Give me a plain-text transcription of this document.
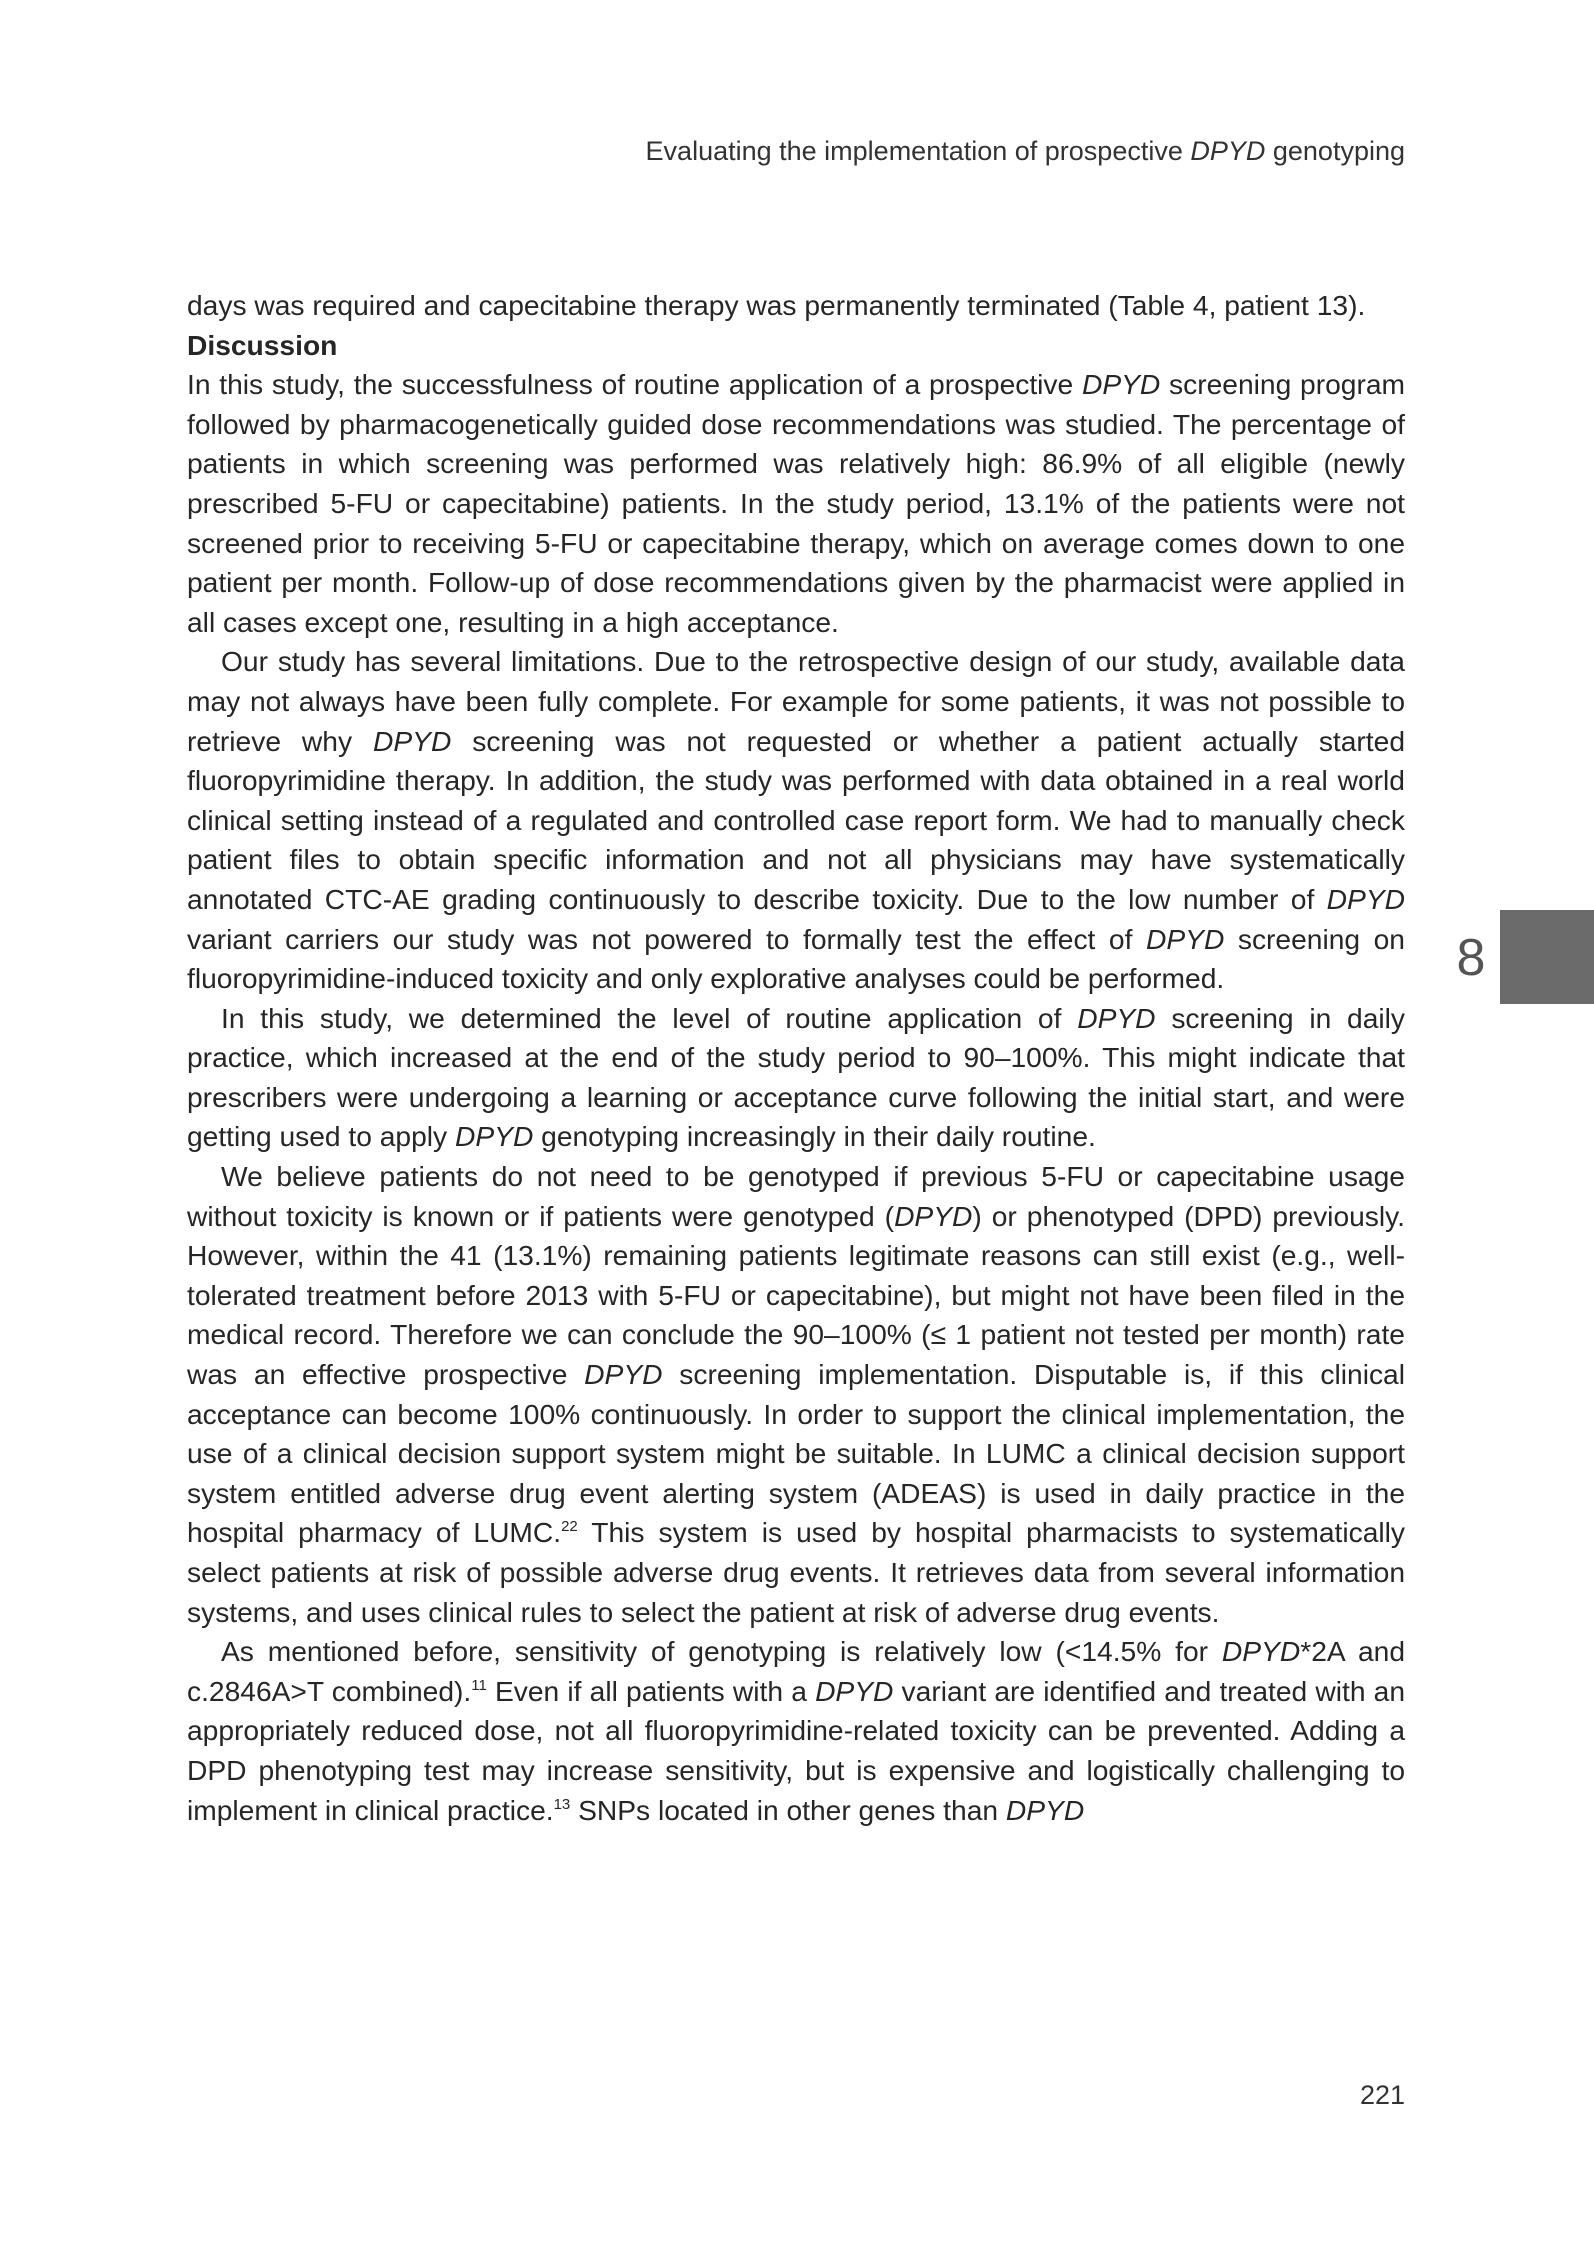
Evaluating the implementation of prospective DPYD genotyping
8

days was required and capecitabine therapy was permanently terminated (Table 4, patient 13).

Discussion

In this study, the successfulness of routine application of a prospective DPYD screening program followed by pharmacogenetically guided dose recommendations was studied. The percentage of patients in which screening was performed was relatively high: 86.9% of all eligible (newly prescribed 5-FU or capecitabine) patients. In the study period, 13.1% of the patients were not screened prior to receiving 5-FU or capecitabine therapy, which on average comes down to one patient per month. Follow-up of dose recommendations given by the pharmacist were applied in all cases except one, resulting in a high acceptance.

Our study has several limitations. Due to the retrospective design of our study, available data may not always have been fully complete. For example for some patients, it was not possible to retrieve why DPYD screening was not requested or whether a patient actually started fluoropyrimidine therapy. In addition, the study was performed with data obtained in a real world clinical setting instead of a regulated and controlled case report form. We had to manually check patient files to obtain specific information and not all physicians may have systematically annotated CTC-AE grading continuously to describe toxicity. Due to the low number of DPYD variant carriers our study was not powered to formally test the effect of DPYD screening on fluoropyrimidine-induced toxicity and only explorative analyses could be performed.

In this study, we determined the level of routine application of DPYD screening in daily practice, which increased at the end of the study period to 90–100%. This might indicate that prescribers were undergoing a learning or acceptance curve following the initial start, and were getting used to apply DPYD genotyping increasingly in their daily routine.

We believe patients do not need to be genotyped if previous 5-FU or capecitabine usage without toxicity is known or if patients were genotyped (DPYD) or phenotyped (DPD) previously. However, within the 41 (13.1%) remaining patients legitimate reasons can still exist (e.g., well-tolerated treatment before 2013 with 5-FU or capecitabine), but might not have been filed in the medical record. Therefore we can conclude the 90–100% (≤ 1 patient not tested per month) rate was an effective prospective DPYD screening implementation. Disputable is, if this clinical acceptance can become 100% continuously. In order to support the clinical implementation, the use of a clinical decision support system might be suitable. In LUMC a clinical decision support system entitled adverse drug event alerting system (ADEAS) is used in daily practice in the hospital pharmacy of LUMC.$^{22}$ This system is used by hospital pharmacists to systematically select patients at risk of possible adverse drug events. It retrieves data from several information systems, and uses clinical rules to select the patient at risk of adverse drug events.

As mentioned before, sensitivity of genotyping is relatively low (<14.5% for DPYD*2A and c.2846A>T combined).$^{11}$ Even if all patients with a DPYD variant are identified and treated with an appropriately reduced dose, not all fluoropyrimidine-related toxicity can be prevented. Adding a DPD phenotyping test may increase sensitivity, but is expensive and logistically challenging to implement in clinical practice.$^{13}$ SNPs located in other genes than DPYD

221
